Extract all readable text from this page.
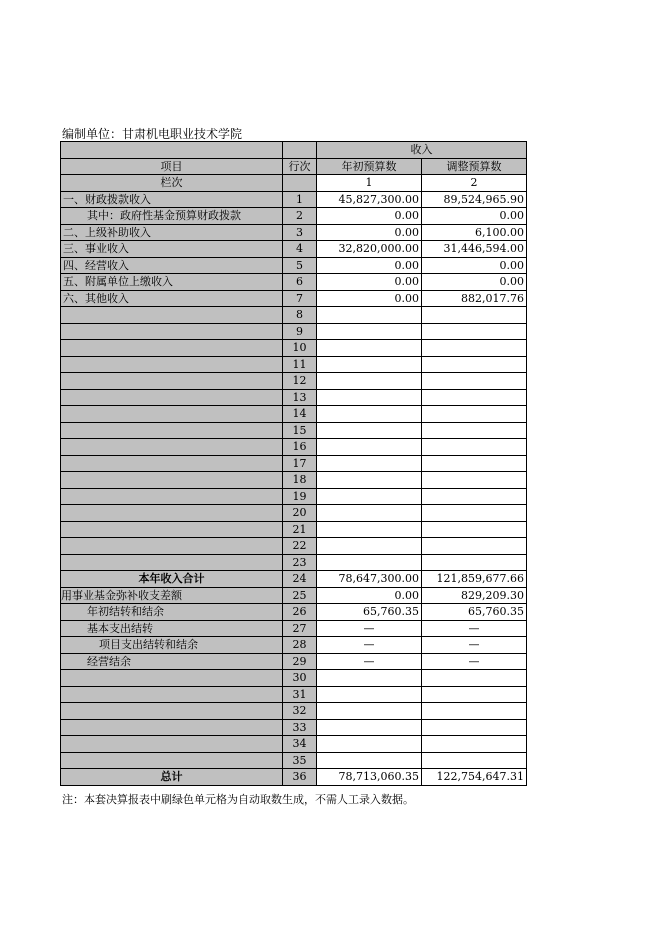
编制单位：甘肃机电职业技术学院
		收入	
项目	行次	年初预算数	调整预算数
栏次		1	2
一、财政拨款收入	1	45,827,300.00	89,524,965.90
其中：政府性基金预算财政拨款	2	0.00	0.00
二、上级补助收入	3	0.00	6,100.00
三、事业收入	4	32,820,000.00	31,446,594.00
四、经营收入	5	0.00	0.00
五、附属单位上缴收入	6	0.00	0.00
六、其他收入	7	0.00	882,017.76
	8		
	9		
	10		
	11		
	12		
	13		
	14		
	15		
	16		
	17		
	18		
	19		
	20		
	21		
	22		
	23		
本年收入合计	24	78,647,300.00	121,859,677.66
用事业基金弥补收支差额	25	0.00	829,209.30
年初结转和结余	26	65,760.35	65,760.35
基本支出结转	27	—	—
项目支出结转和结余	28	—	—
经营结余	29	—	—
	30		
	31		
	32		
	33		
	34		
	35		
总计	36	78,713,060.35	122,754,647.31
注：本套决算报表中刷绿色单元格为自动取数生成，不需人工录入数据。
